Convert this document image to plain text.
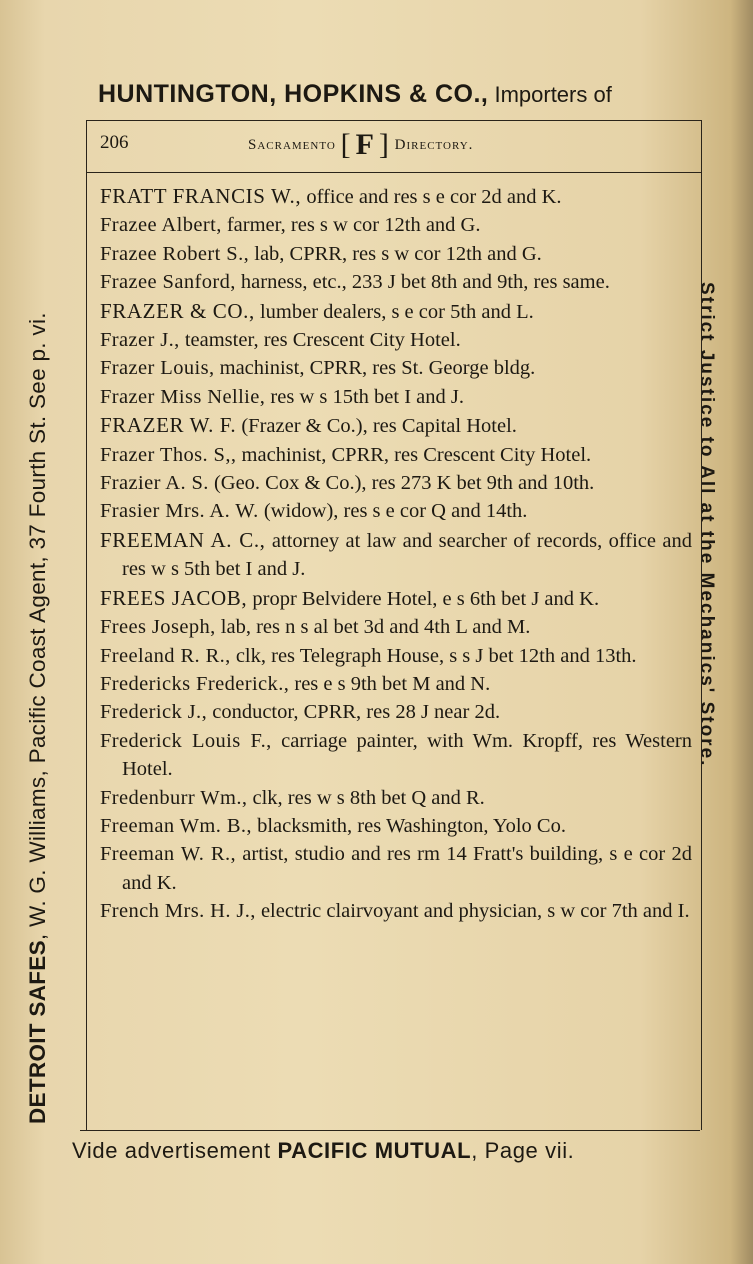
HUNTINGTON, HOPKINS & CO., Importers of
DETROIT SAFES, W. G. Williams, Pacific Coast Agent, 37 Fourth St. See p. vi.	Strict Justice to All at the Mechanics' Store.
206	Sacramento [ F ] Directory.
FRATT FRANCIS W., office and res s e cor 2d and K.
Frazee Albert, farmer, res s w cor 12th and G.
Frazee Robert S., lab, CPRR, res s w cor 12th and G.
Frazee Sanford, harness, etc., 233 J bet 8th and 9th, res same.
FRAZER & CO., lumber dealers, s e cor 5th and L.
Frazer J., teamster, res Crescent City Hotel.
Frazer Louis, machinist, CPRR, res St. George bldg.
Frazer Miss Nellie, res w s 15th bet I and J.
FRAZER W. F. (Frazer & Co.), res Capital Hotel.
Frazer Thos. S,, machinist, CPRR, res Crescent City Hotel.
Frazier A. S. (Geo. Cox & Co.), res 273 K bet 9th and 10th.
Frasier Mrs. A. W. (widow), res s e cor Q and 14th.
FREEMAN A. C., attorney at law and searcher of records, office and res w s 5th bet I and J.
FREES JACOB, propr Belvidere Hotel, e s 6th bet J and K.
Frees Joseph, lab, res n s al bet 3d and 4th L and M.
Freeland R. R., clk, res Telegraph House, s s J bet 12th and 13th.
Fredericks Frederick., res e s 9th bet M and N.
Frederick J., conductor, CPRR, res 28 J near 2d.
Frederick Louis F., carriage painter, with Wm. Kropff, res Western Hotel.
Fredenburr Wm., clk, res w s 8th bet Q and R.
Freeman Wm. B., blacksmith, res Washington, Yolo Co.
Freeman W. R., artist, studio and res rm 14 Fratt's building, s e cor 2d and K.
French Mrs. H. J., electric clairvoyant and physician, s w cor 7th and I.
Vide advertisement PACIFIC MUTUAL, Page vii.
